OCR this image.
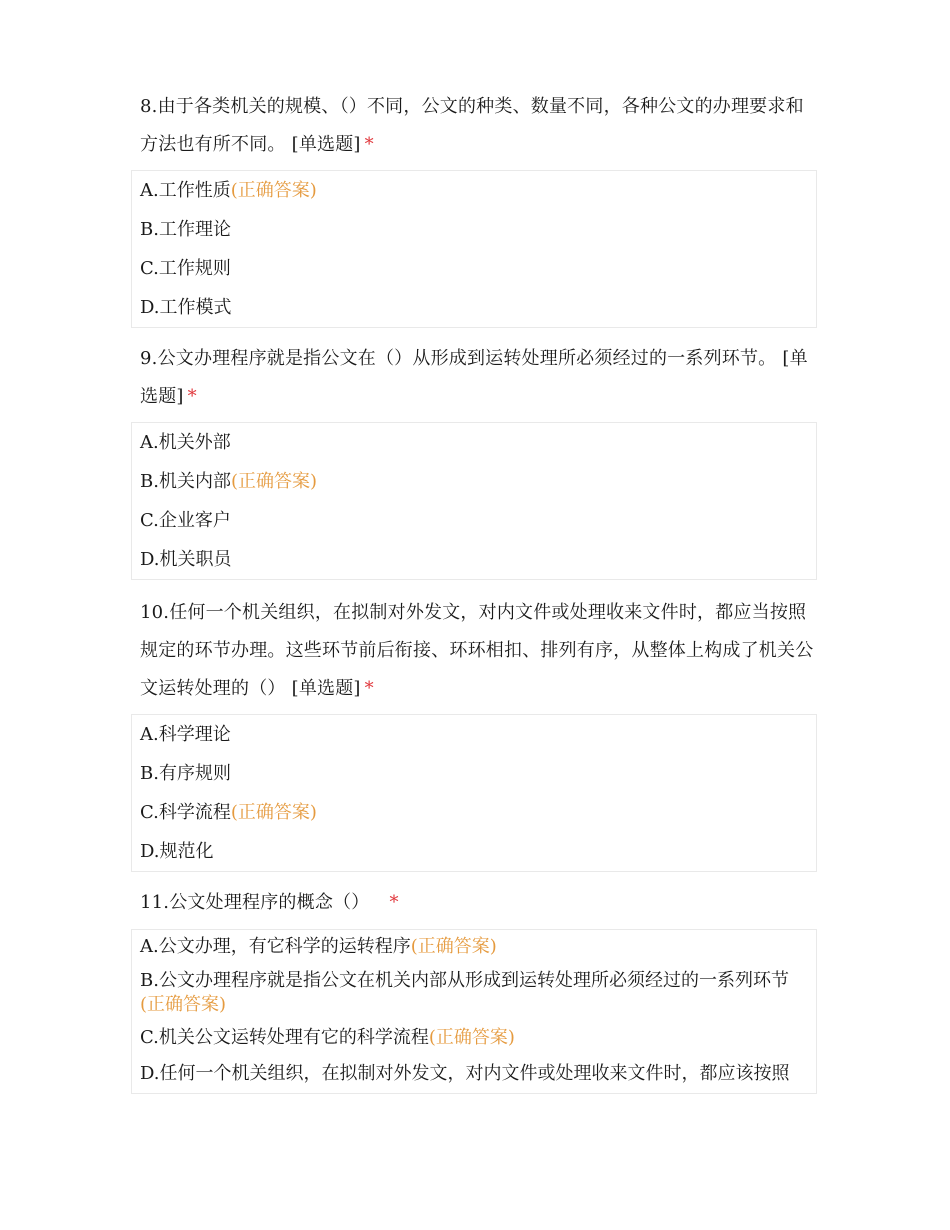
8.由于各类机关的规模、（）不同，公文的种类、数量不同，各种公文的办理要求和方法也有所不同。 [单选题] *
A.工作性质(正确答案)
B.工作理论
C.工作规则
D.工作模式
9.公文办理程序就是指公文在（）从形成到运转处理所必须经过的一系列环节。 [单选题] *
A.机关外部
B.机关内部(正确答案)
C.企业客户
D.机关职员
10.任何一个机关组织，在拟制对外发文，对内文件或处理收来文件时，都应当按照规定的环节办理。这些环节前后衔接、环环相扣、排列有序，从整体上构成了机关公文运转处理的（） [单选题] *
A.科学理论
B.有序规则
C.科学流程(正确答案)
D.规范化
11.公文处理程序的概念（） *
A.公文办理，有它科学的运转程序(正确答案)
B.公文办理程序就是指公文在机关内部从形成到运转处理所必须经过的一系列环节(正确答案)
C.机关公文运转处理有它的科学流程(正确答案)
D.任何一个机关组织，在拟制对外发文，对内文件或处理收来文件时，都应该按照
